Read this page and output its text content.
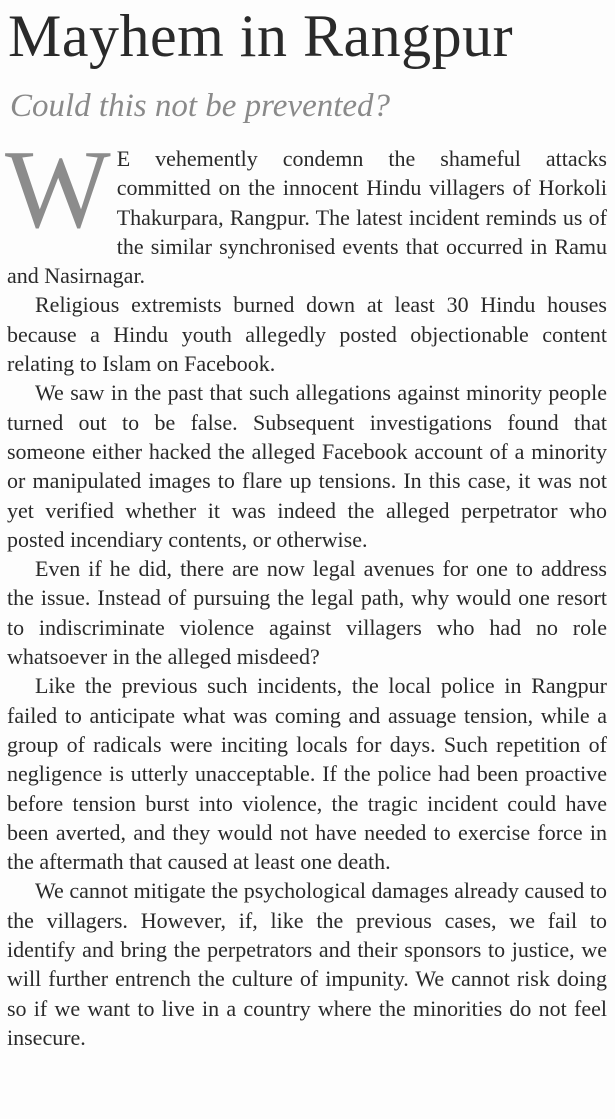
Mayhem in Rangpur
Could this not be prevented?

W E vehemently condemn the shameful attacks committed on the innocent Hindu villagers of Horkoli Thakurpara, Rangpur. The latest incident reminds us of the similar synchronised events that occurred in Ramu and Nasirnagar.

Religious extremists burned down at least 30 Hindu houses because a Hindu youth allegedly posted objectionable content relating to Islam on Facebook.

We saw in the past that such allegations against minority people turned out to be false. Subsequent investigations found that someone either hacked the alleged Facebook account of a minority or manipulated images to flare up tensions. In this case, it was not yet verified whether it was indeed the alleged perpetrator who posted incendiary contents, or otherwise.

Even if he did, there are now legal avenues for one to address the issue. Instead of pursuing the legal path, why would one resort to indiscriminate violence against villagers who had no role whatsoever in the alleged misdeed?

Like the previous such incidents, the local police in Rangpur failed to anticipate what was coming and assuage tension, while a group of radicals were inciting locals for days. Such repetition of negligence is utterly unacceptable. If the police had been proactive before tension burst into violence, the tragic incident could have been averted, and they would not have needed to exercise force in the aftermath that caused at least one death.

We cannot mitigate the psychological damages already caused to the villagers. However, if, like the previous cases, we fail to identify and bring the perpetrators and their sponsors to justice, we will further entrench the culture of impunity. We cannot risk doing so if we want to live in a country where the minorities do not feel insecure.
